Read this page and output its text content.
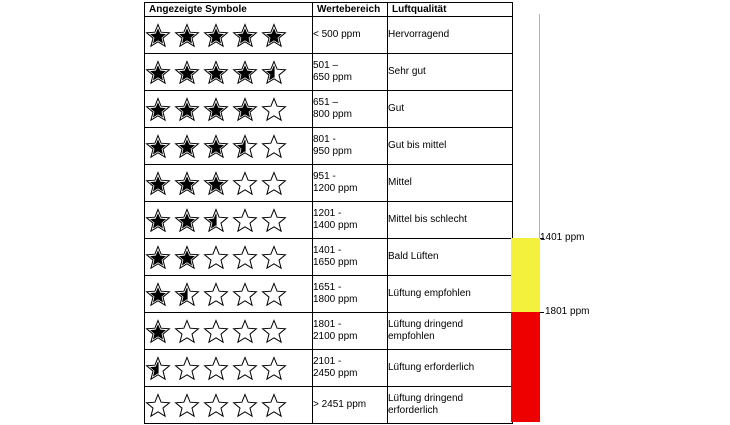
Angezeigte Symbole	Wertebereich	Luftqualität

	< 500 ppm	Hervorragend

	501 –
650 ppm	Sehr gut

	651 –
800 ppm	Gut

	801 -
950 ppm	Gut bis mittel

	951 -
1200 ppm	Mittel

	1201 -
1400 ppm	Mittel bis schlecht

	1401 -
1650 ppm	Bald Lüften

	1651 -
1800 ppm	Lüftung empfohlen

	1801 -
2100 ppm	Lüftung dringend
empfohlen

	2101 -
2450 ppm	Lüftung erforderlich

	> 2451 ppm	Lüftung dringend
erforderlich
1401 ppm
1801 ppm
